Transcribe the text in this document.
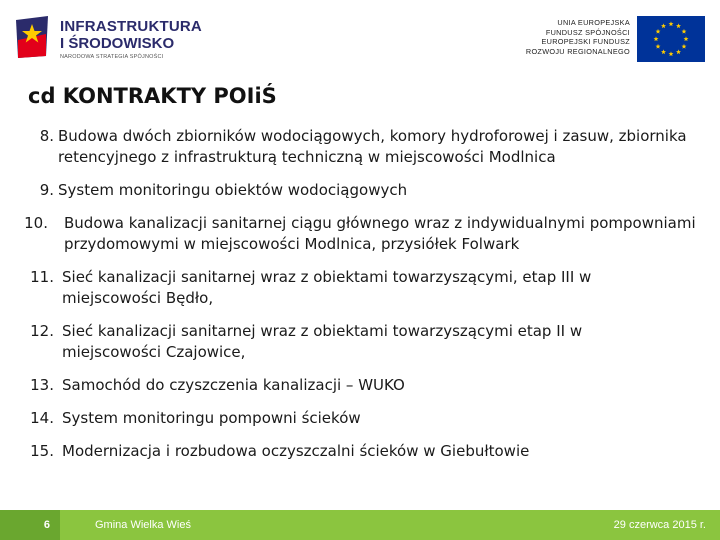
INFRASTRUKTURA
I ŚRODOWISKO
NARODOWA STRATEGIA SPÓJNOŚCI
UNIA EUROPEJSKA
FUNDUSZ SPÓJNOŚCI
EUROPEJSKI FUNDUSZ
ROZWOJU REGIONALNEGO
cd KONTRAKTY POIiŚ
8. Budowa dwóch zbiorników wodociągowych, komory hydroforowej i zasuw, zbiornika retencyjnego z infrastrukturą techniczną w miejscowości Modlnica
9. System monitoringu obiektów wodociągowych
10.	Budowa kanalizacji sanitarnej ciągu głównego wraz z indywidualnymi pompowniami przydomowymi w miejscowości Modlnica, przysiółek Folwark
11. Sieć kanalizacji sanitarnej wraz z obiektami towarzyszącymi, etap III w miejscowości Będło,
12. Sieć kanalizacji sanitarnej wraz z obiektami towarzyszącymi etap II w miejscowości Czajowice,
13. Samochód do czyszczenia kanalizacji – WUKO
14. System monitoringu pompowni ścieków
15. Modernizacja i rozbudowa oczyszczalni ścieków w Giebułtowie
6	Gmina Wielka Wieś	29 czerwca 2015 r.
